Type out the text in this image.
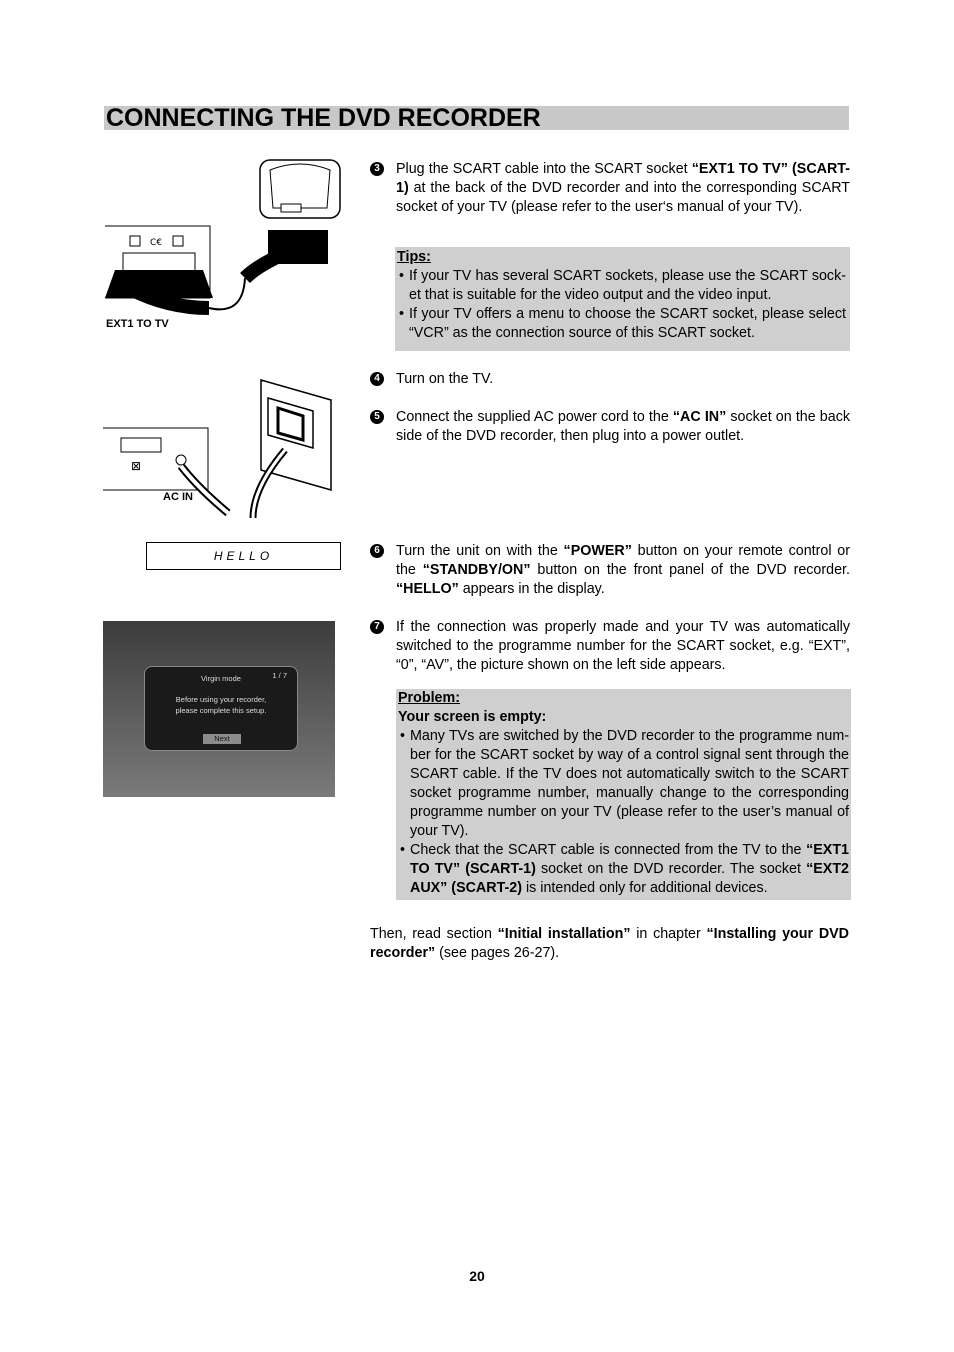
CONNECTING THE DVD RECORDER
C€
EXT1 TO TV
⊠
AC IN
HELLO
Virgin mode	1 / 7
Before using your recorder,
please complete this setup.
Next
3 Plug the SCART cable into the SCART socket “EXT1 TO TV” (SCART-1) at the back of the DVD recorder and into the corresponding SCART socket of your TV (please refer to the user‘s manual of your TV).
Tips:
• If your TV has several SCART sockets, please use the SCART sock-et that is suitable for the video output and the video input.
• If your TV offers a menu to choose the SCART socket, please select “VCR” as the connection source of this SCART socket.
4 Turn on the TV.
5 Connect the supplied AC power cord to the “AC IN” socket on the back side of the DVD recorder, then plug into a power outlet.
6 Turn the unit on with the “POWER” button on your remote control or the “STANDBY/ON” button on the front panel of the DVD recorder. “HELLO” appears in the display.
7 If the connection was properly made and your TV was automatically switched to the programme number for the SCART socket, e.g. “EXT”, “0”, “AV”, the picture shown on the left side appears.
Problem:
Your screen is empty:
• Many TVs are switched by the DVD recorder to the programme num-ber for the SCART socket by way of a control signal sent through the SCART cable. If the TV does not automatically switch to the SCART socket programme number, manually change to the corresponding programme number on your TV (please refer to the user’s manual of your TV).
• Check that the SCART cable is connected from the TV to the “EXT1 TO TV” (SCART-1) socket on the DVD recorder. The socket “EXT2 AUX” (SCART-2) is intended only for additional devices.
Then, read section “Initial installation” in chapter “Installing your DVD recorder” (see pages 26-27).
20
